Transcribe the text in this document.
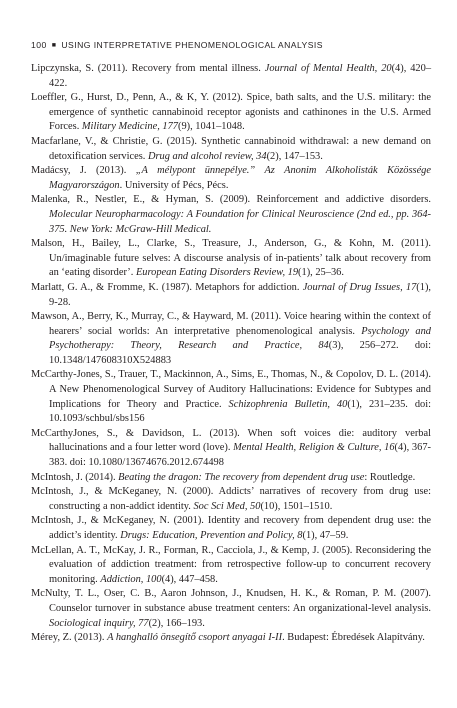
100 ■ USING INTERPRETATIVE PHENOMENOLOGICAL ANALYSIS

Lipczynska, S. (2011). Recovery from mental illness. Journal of Mental Health, 20(4), 420–422.

Loeffler, G., Hurst, D., Penn, A., & K, Y. (2012). Spice, bath salts, and the U.S. military: the emergence of synthetic cannabinoid receptor agonists and cathinones in the U.S. Armed Forces. Military Medicine, 177(9), 1041–1048.

Macfarlane, V., & Christie, G. (2015). Synthetic cannabinoid withdrawal: a new demand on detoxification services. Drug and alcohol review, 34(2), 147–153.

Madácsy, J. (2013). „A mélypont ünnepélye.” Az Anonim Alkoholisták Közössége Magyarországon. University of Pécs, Pécs.

Malenka, R., Nestler, E., & Hyman, S. (2009). Reinforcement and addictive disorders. Molecular Neuropharmacology: A Foundation for Clinical Neuroscience (2nd ed., pp. 364-375. New York: McGraw-Hill Medical.

Malson, H., Bailey, L., Clarke, S., Treasure, J., Anderson, G., & Kohn, M. (2011). Un/imaginable future selves: A discourse analysis of in-patients’ talk about recovery from an ‘eating disorder’. European Eating Disorders Review, 19(1), 25–36.

Marlatt, G. A., & Fromme, K. (1987). Metaphors for addiction. Journal of Drug Issues, 17(1), 9-28.

Mawson, A., Berry, K., Murray, C., & Hayward, M. (2011). Voice hearing within the context of hearers’ social worlds: An interpretative phenomenological analysis. Psychology and Psychotherapy: Theory, Research and Practice, 84(3), 256–272. doi: 10.1348/147608310X524883

McCarthy-Jones, S., Trauer, T., Mackinnon, A., Sims, E., Thomas, N., & Copolov, D. L. (2014). A New Phenomenological Survey of Auditory Hallucinations: Evidence for Subtypes and Implications for Theory and Practice. Schizophrenia Bulletin, 40(1), 231–235. doi: 10.1093/schbul/sbs156

McCarthyJones, S., & Davidson, L. (2013). When soft voices die: auditory verbal hallucinations and a four letter word (love). Mental Health, Religion & Culture, 16(4), 367-383. doi: 10.1080/13674676.2012.674498

McIntosh, J. (2014). Beating the dragon: The recovery from dependent drug use: Routledge.

McIntosh, J., & McKeganey, N. (2000). Addicts’ narratives of recovery from drug use: constructing a non-addict identity. Soc Sci Med, 50(10), 1501–1510.

McIntosh, J., & McKeganey, N. (2001). Identity and recovery from dependent drug use: the addict’s identity. Drugs: Education, Prevention and Policy, 8(1), 47–59.

McLellan, A. T., McKay, J. R., Forman, R., Cacciola, J., & Kemp, J. (2005). Reconsidering the evaluation of addiction treatment: from retrospective follow-up to concurrent recovery monitoring. Addiction, 100(4), 447–458.

McNulty, T. L., Oser, C. B., Aaron Johnson, J., Knudsen, H. K., & Roman, P. M. (2007). Counselor turnover in substance abuse treatment centers: An organizational-level analysis. Sociological inquiry, 77(2), 166–193.

Mérey, Z. (2013). A hanghalló önsegítő csoport anyagai I-II. Budapest: Ébredések Alapítvány.
